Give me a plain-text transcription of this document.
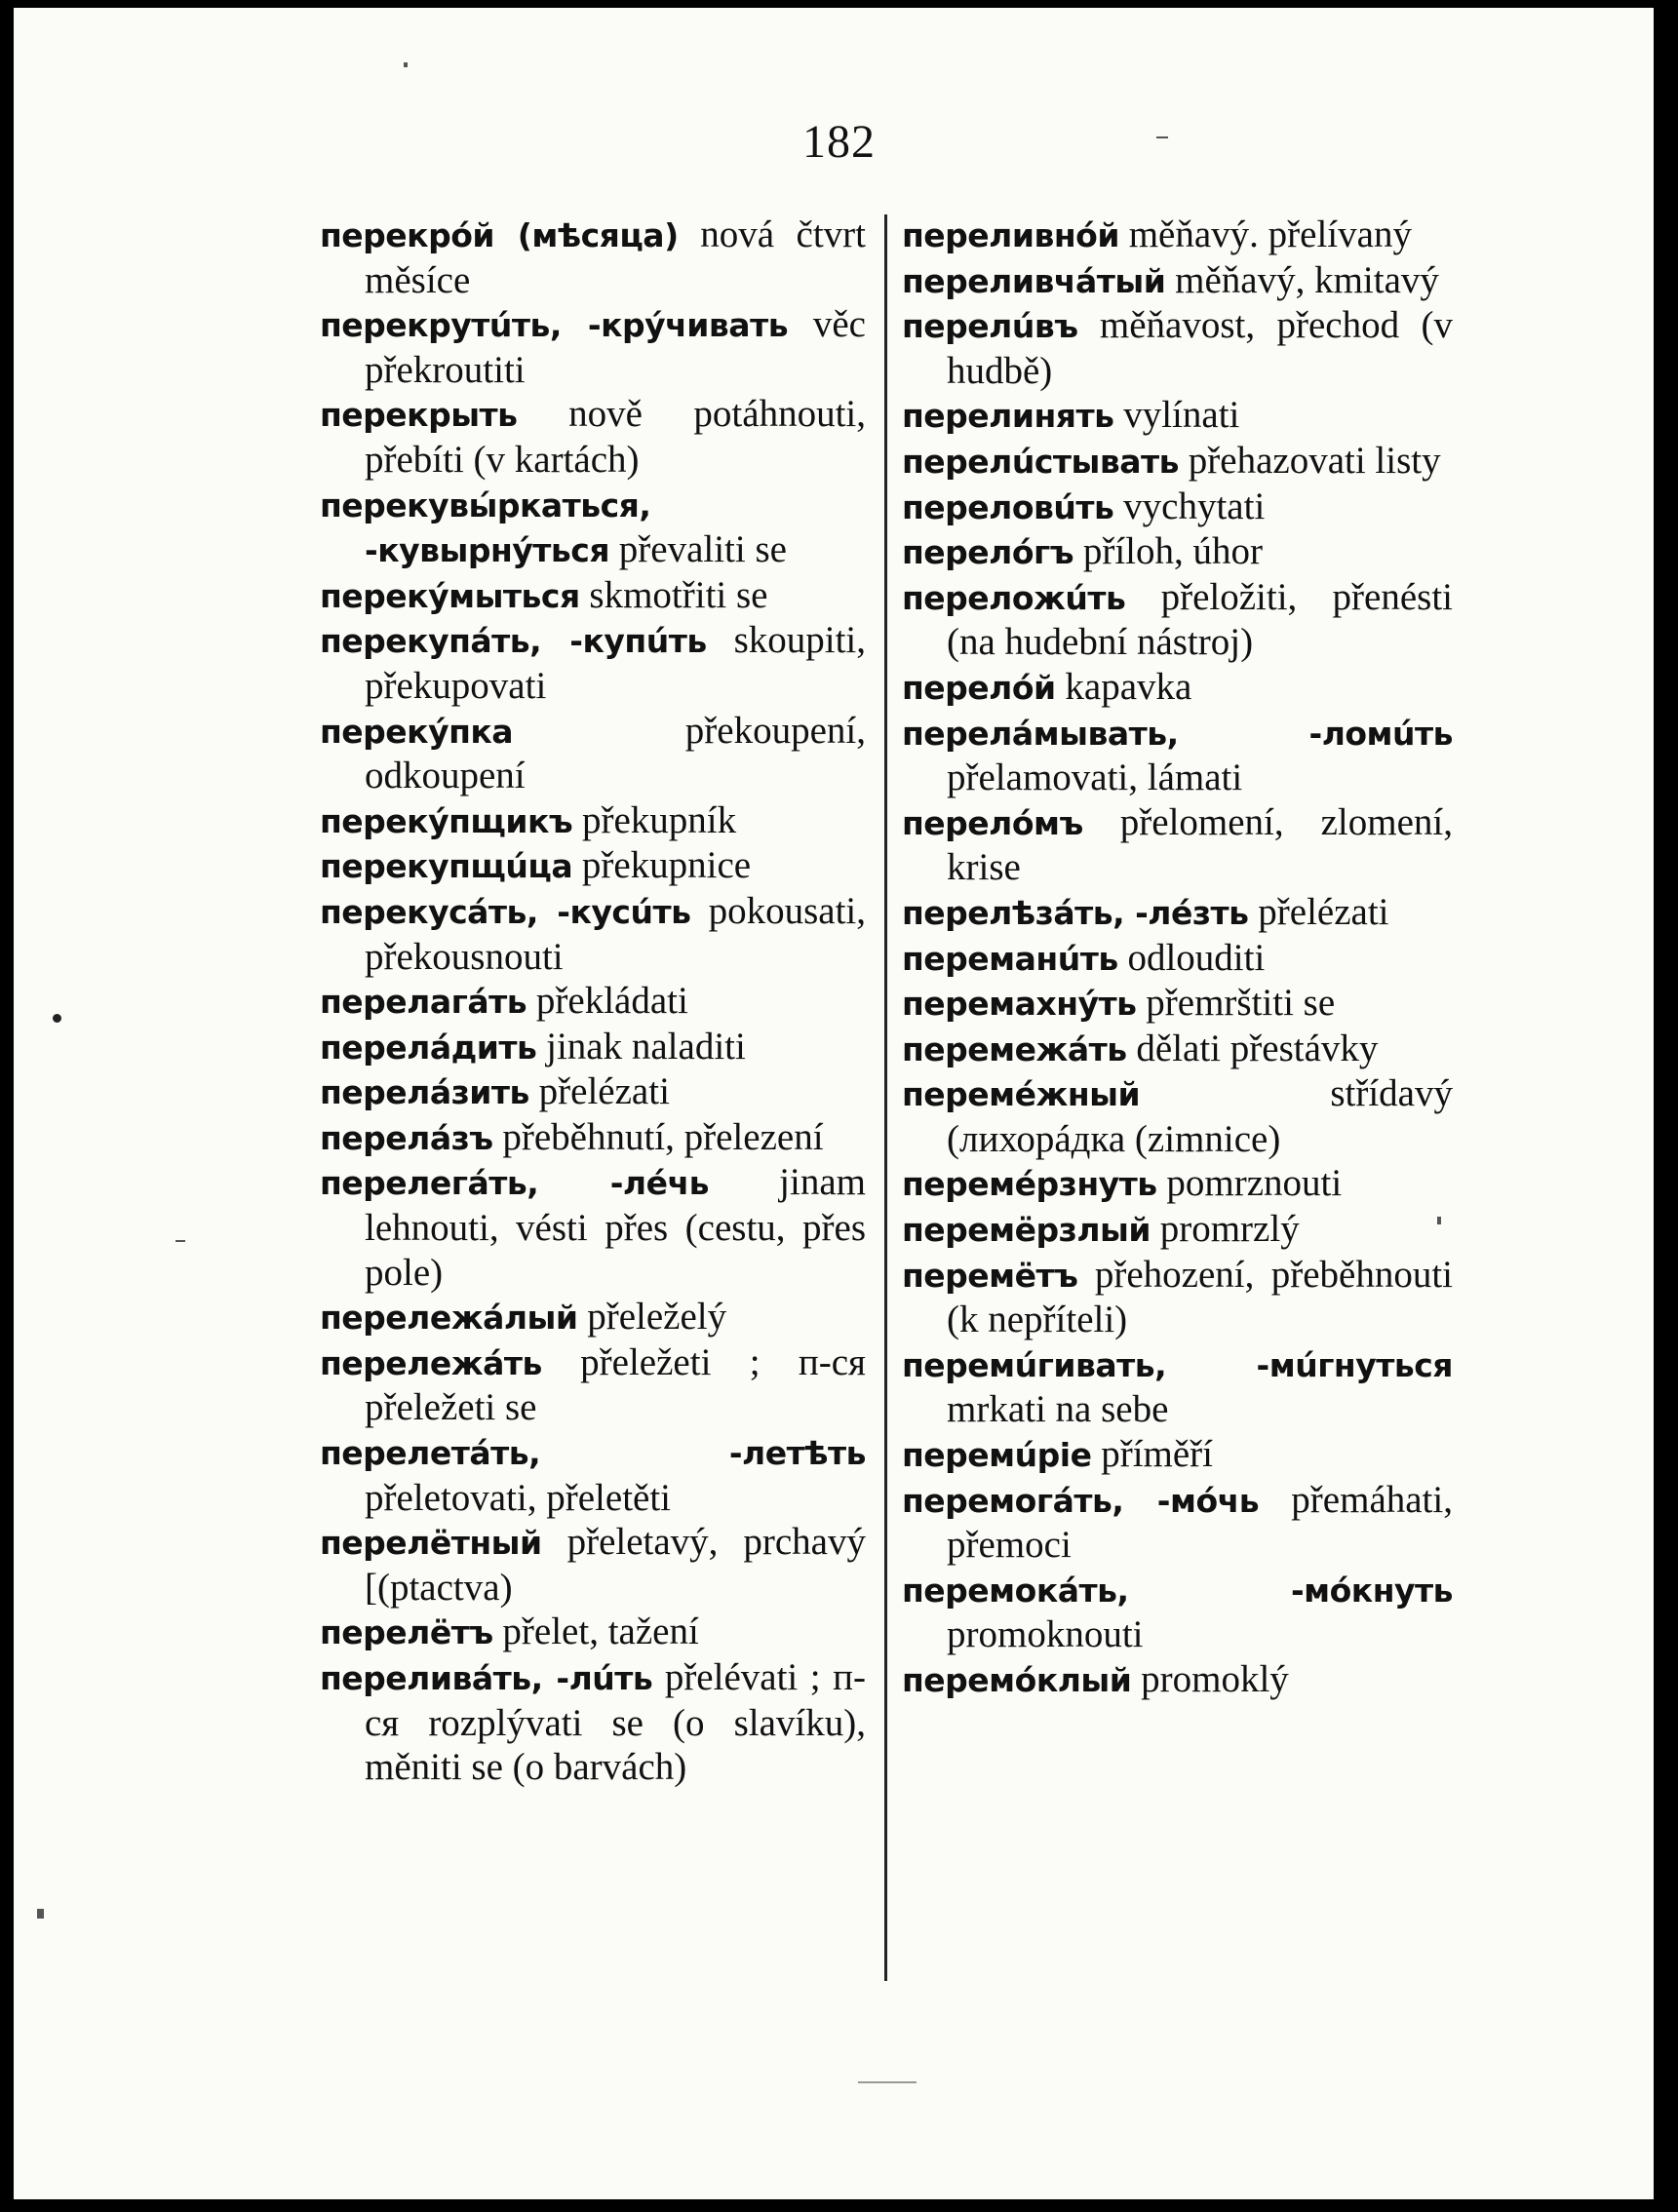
182

перекрóй (мѣсяца) nová čtvrt měsíce

перекрутúть, -крýчивать věc překroutiti

перекрыть nově potáhnouti, přebíti (v kartách)

перекувы́ркаться, -кувырнýться převaliti se

перекýмыться skmotřiti se

перекупáть, -купúть skoupiti, překupovati

перекýпка překoupení, odkoupení

перекýпщикъ překupník

перекупщúца překupnice

перекусáть, -кусúть pokousati, překousnouti

перелагáть překládati

перелáдить jinak naladiti

перелáзить přelézati

перелáзъ přeběhnutí, přelezení

перелегáть, -лéчь jinam lehnouti, vésti přes (cestu, přes pole)

перележáлый přeleželý

перележáть přeležeti ; п-ся přeležeti se

перелетáть, -летѣть přeletovati, přeletěti

перелётный přeletavý, prchavý [(ptactva)

перелётъ přelet, tažení

переливáть, -лúть přelévati ; п-ся rozplývati se (o slavíku), měniti se (o barvách)

переливнóй měňavý. přelívaný

переливчáтый měňavý, kmitavý

перелúвъ měňavost, přechod (v hudbě)

перелинять vylínati

перелúстывать přehazovati listy

переловúть vychytati

перелóгъ příloh, úhor

переложúть přeložiti, přenésti (na hudební nástroj)

перелóй kapavka

перелáмывать, -ломúть přelamovati, lámati

перелóмъ přelomení, zlomení, krise

перелѣзáть, -лéзть přelézati

переманúть odlouditi

перемахнýть přemrštiti se

перемежáть dělati přestávky

перемéжный střídavý (лихорáдка (zimnice)

перемéрзнуть pomrznouti

перемёрзлый promrzlý

перемётъ přehození, přeběhnouti (k nepříteli)

перемúгивать, -мúгнуться mrkati na sebe

перемúріе příměří

перемогáть, -мóчь přemáhati, přemoci

перемокáть, -мóкнуть promoknouti

перемóклый promoklý
